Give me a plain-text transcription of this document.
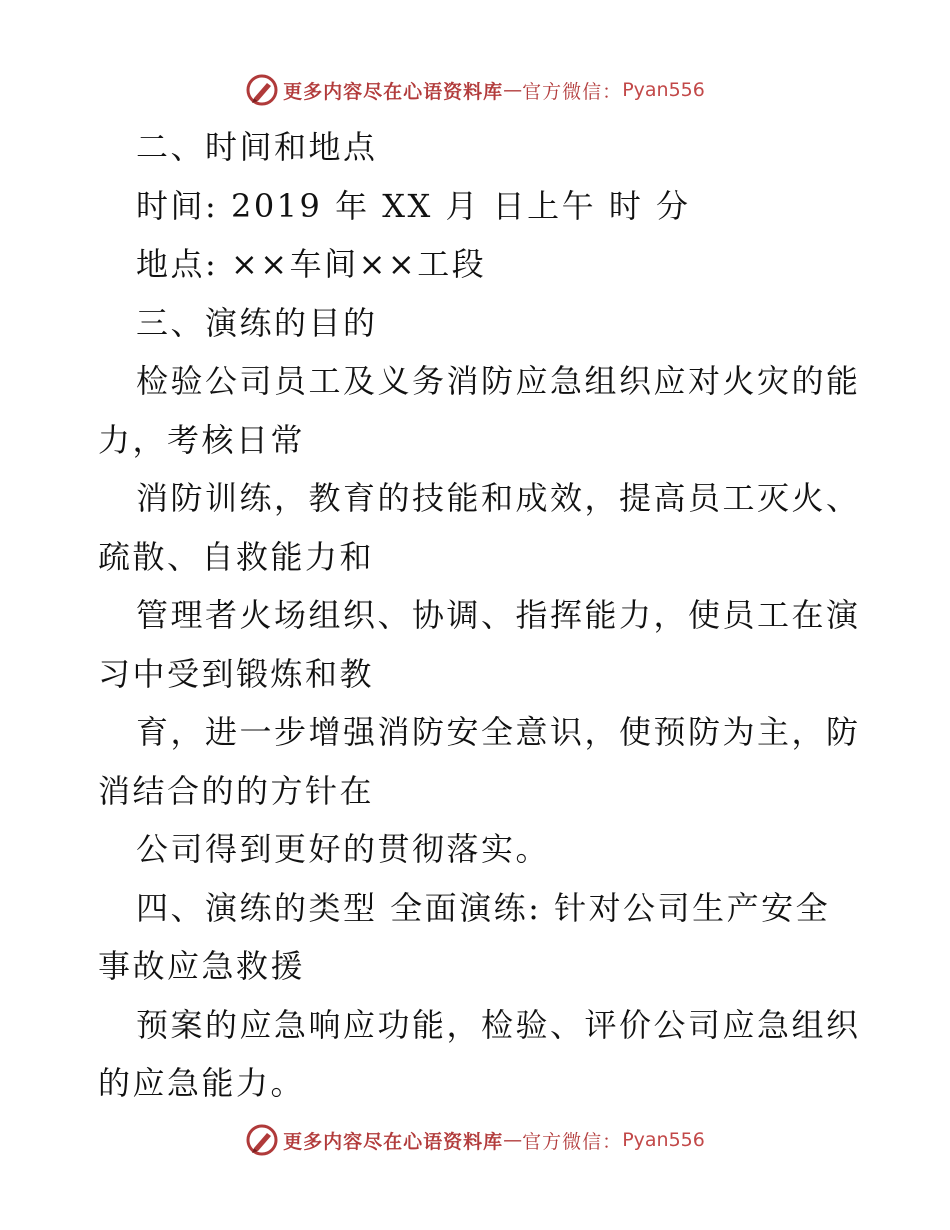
更多内容尽在心语资料库 — 官方微信： Pyan556
二、时间和地点
时间: 2019 年 XX 月 日上午 时 分
地点: ××车间××工段
三、演练的目的
检验公司员工及义务消防应急组织应对火灾的能
力，考核日常
消防训练，教育的技能和成效，提高员工灭火、
疏散、自救能力和
管理者火场组织、协调、指挥能力，使员工在演
习中受到锻炼和教
育，进一步增强消防安全意识，使预防为主，防
消结合的的方针在
公司得到更好的贯彻落实。
四、演练的类型 全面演练: 针对公司生产安全
事故应急救援
预案的应急响应功能，检验、评价公司应急组织
的应急能力。
更多内容尽在心语资料库 — 官方微信： Pyan556
